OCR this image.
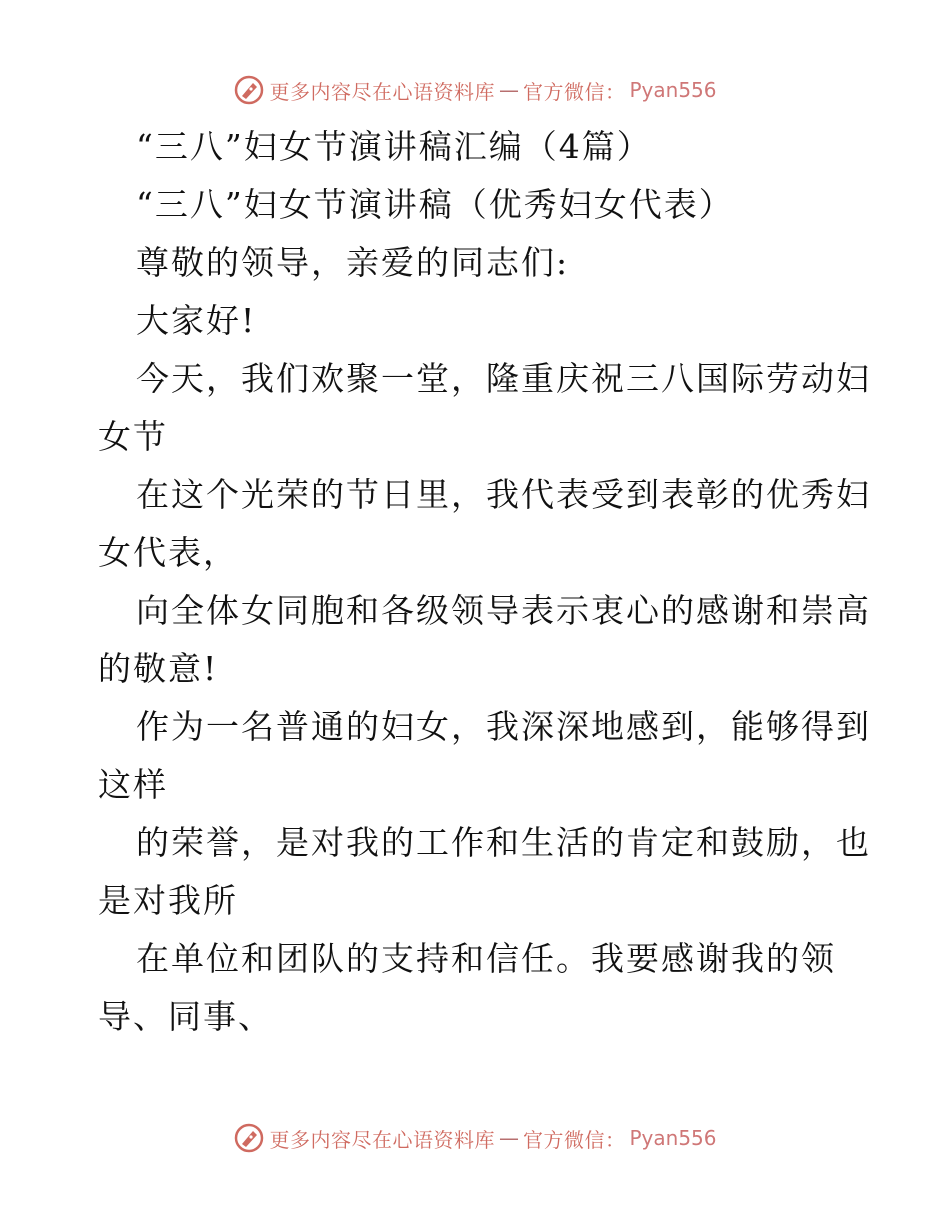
更多内容尽在心语资料库 — 官方微信： Pyan556

“三八”妇女节演讲稿汇编（4篇）

“三八”妇女节演讲稿（优秀妇女代表）

尊敬的领导，亲爱的同志们:

大家好!

今天，我们欢聚一堂，隆重庆祝三八国际劳动妇

女节

在这个光荣的节日里，我代表受到表彰的优秀妇

女代表，

向全体女同胞和各级领导表示衷心的感谢和崇高

的敬意!

作为一名普通的妇女，我深深地感到，能够得到

这样

的荣誉，是对我的工作和生活的肯定和鼓励，也

是对我所

在单位和团队的支持和信任。我要感谢我的领

导、同事、

更多内容尽在心语资料库 — 官方微信： Pyan556
